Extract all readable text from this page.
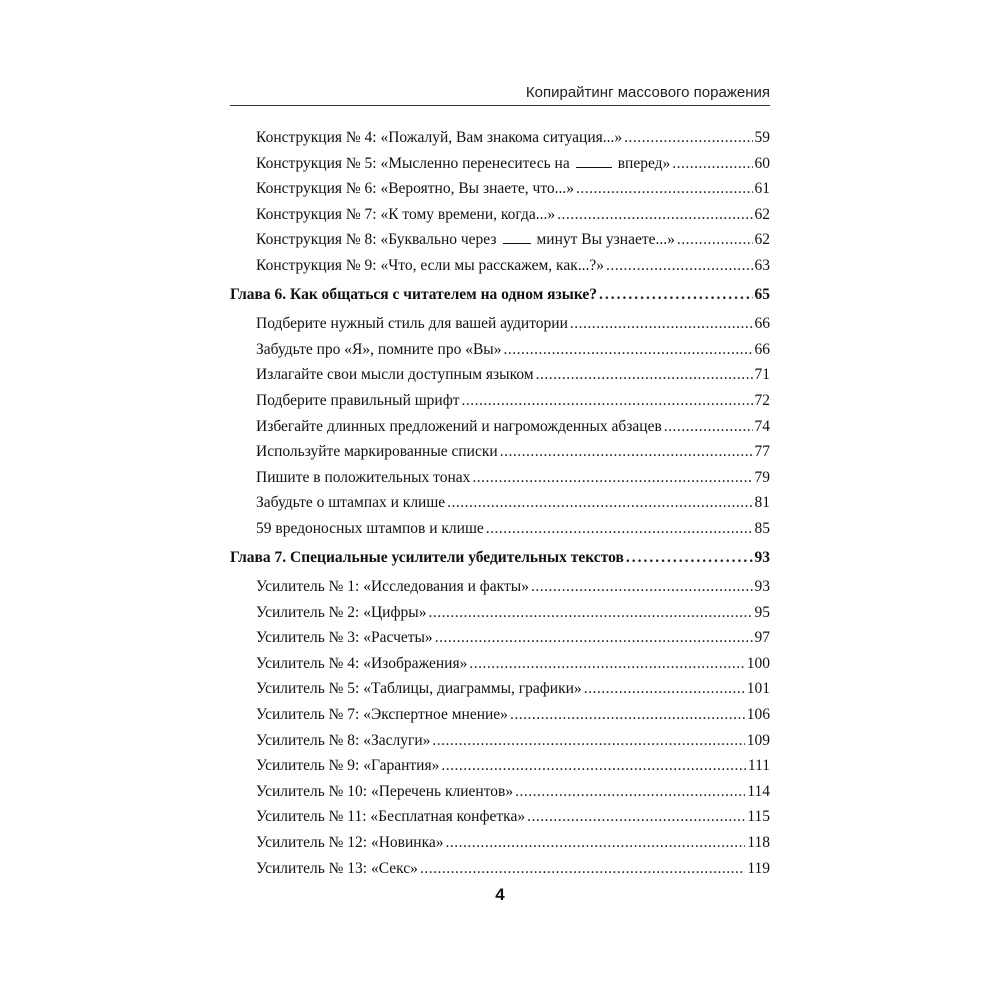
Копирайтинг массового поражения
Конструкция № 4: «Пожалуй, Вам знакома ситуация...» .....	59
Конструкция № 5: «Мысленно перенеситесь на	вперед» .....	60
Конструкция № 6: «Вероятно, Вы знаете, что...» .....	61
Конструкция № 7: «К тому времени, когда...» .....	62
Конструкция № 8: «Буквально через	минут Вы узнаете...» .....	62
Конструкция № 9: «Что, если мы расскажем, как...?» .....	63
Глава 6. Как общаться с читателем на одном языке? .....	65
Подберите нужный стиль для вашей аудитории .....	66
Забудьте про «Я», помните про «Вы» .....	66
Излагайте свои мысли доступным языком .....	71
Подберите правильный шрифт .....	72
Избегайте длинных предложений и нагроможденных абзацев .....	74
Используйте маркированные списки .....	77
Пишите в положительных тонах .....	79
Забудьте о штампах и клише .....	81
59 вредоносных штампов и клише .....	85
Глава 7. Специальные усилители убедительных текстов .....	93
Усилитель № 1: «Исследования и факты» .....	93
Усилитель № 2: «Цифры» .....	95
Усилитель № 3: «Расчеты» .....	97
Усилитель № 4: «Изображения» .....	100
Усилитель № 5: «Таблицы, диаграммы, графики» .....	101
Усилитель № 7: «Экспертное мнение» .....	106
Усилитель № 8: «Заслуги» .....	109
Усилитель № 9: «Гарантия» .....	111
Усилитель № 10: «Перечень клиентов» .....	114
Усилитель № 11: «Бесплатная конфетка» .....	115
Усилитель № 12: «Новинка» .....	118
Усилитель № 13: «Секс» .....	119
4
